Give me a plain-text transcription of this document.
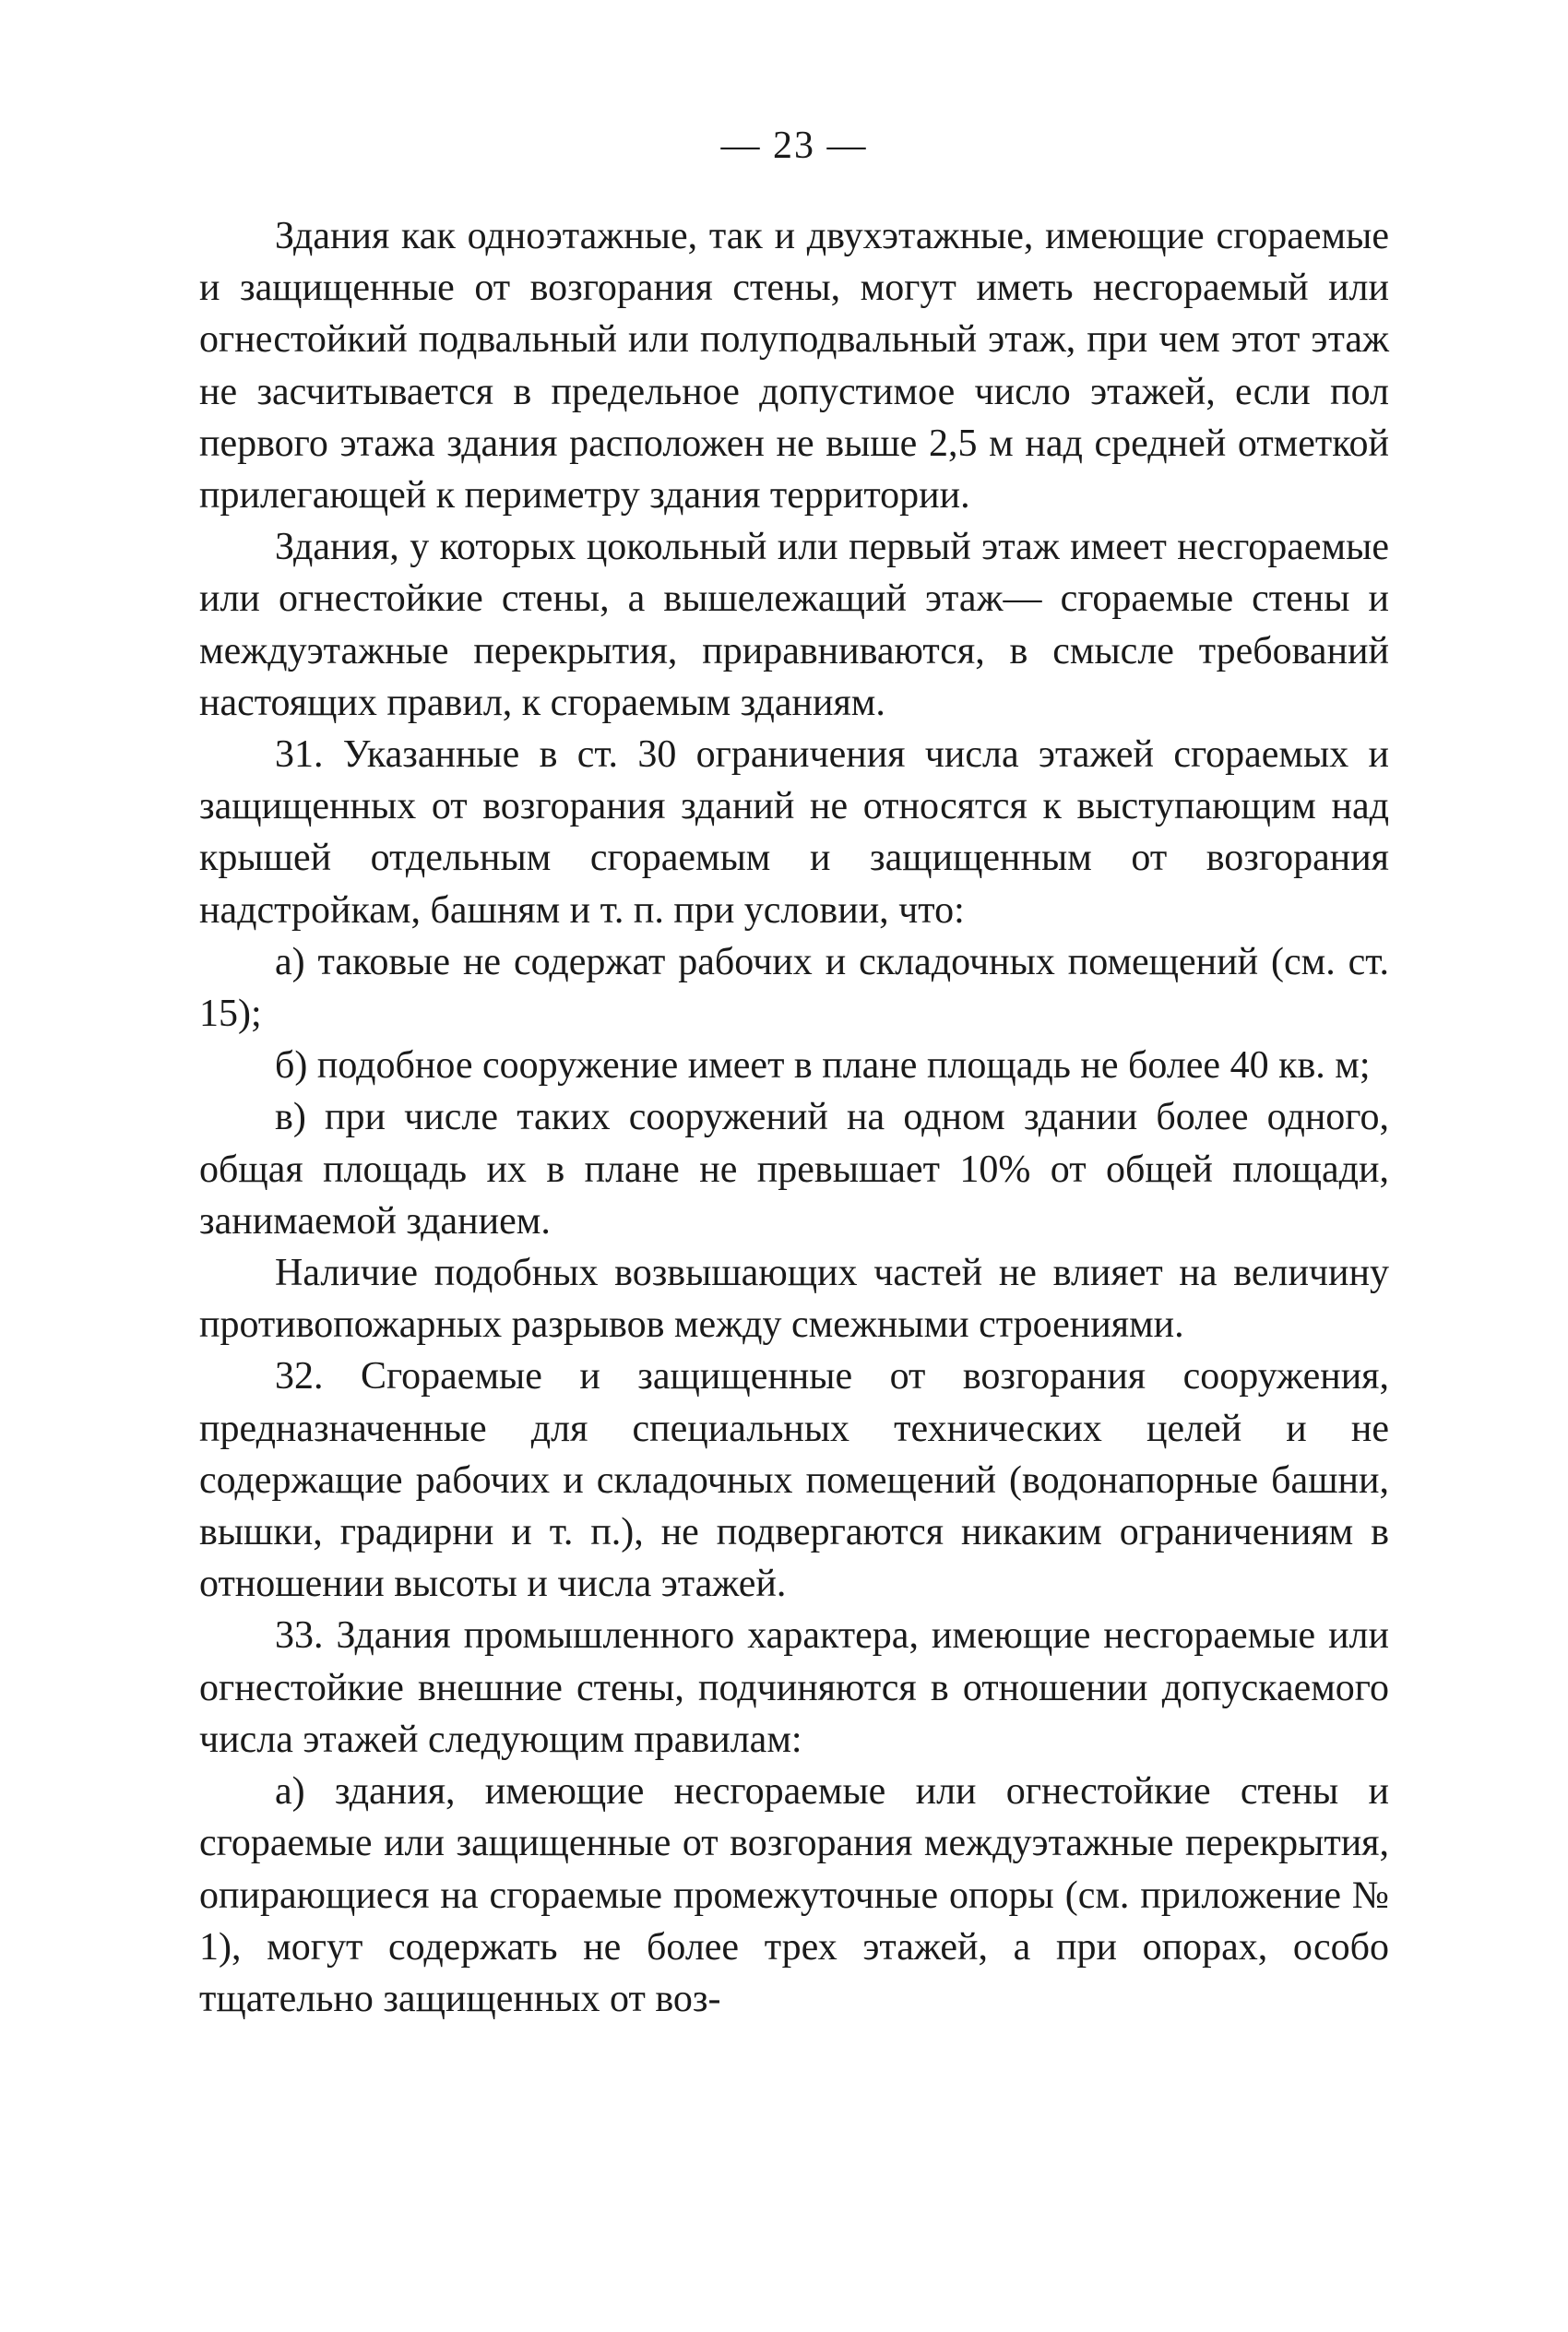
— 23 —

Здания как одноэтажные, так и двухэтажные, имеющие сгораемые и защищенные от возгорания стены, могут иметь несгораемый или огнестойкий подвальный или полуподвальный этаж, при чем этот этаж не засчитывается в предельное допустимое число этажей, если пол первого этажа здания расположен не выше 2,5 м над средней отметкой прилегающей к периметру здания территории.

Здания, у которых цокольный или первый этаж имеет несгораемые или огнестойкие стены, а вышележащий этаж— сгораемые стены и междуэтажные перекрытия, приравниваются, в смысле требований настоящих правил, к сгораемым зданиям.

31. Указанные в ст. 30 ограничения числа этажей сгораемых и защищенных от возгорания зданий не относятся к выступающим над крышей отдельным сгораемым и защищенным от возгорания надстройкам, башням и т. п. при условии, что:

а) таковые не содержат рабочих и складочных помещений (см. ст. 15);

б) подобное сооружение имеет в плане площадь не более 40 кв. м;

в) при числе таких сооружений на одном здании более одного, общая площадь их в плане не превышает 10% от общей площади, занимаемой зданием.

Наличие подобных возвышающих частей не влияет на величину противопожарных разрывов между смежными строениями.

32. Сгораемые и защищенные от возгорания сооружения, предназначенные для специальных технических целей и не содержащие рабочих и складочных помещений (водонапорные башни, вышки, градирни и т. п.), не подвергаются никаким ограничениям в отношении высоты и числа этажей.

33. Здания промышленного характера, имеющие несгораемые или огнестойкие внешние стены, подчиняются в отношении допускаемого числа этажей следующим правилам:

а) здания, имеющие несгораемые или огнестойкие стены и сгораемые или защищенные от возгорания междуэтажные перекрытия, опирающиеся на сгораемые промежуточные опоры (см. приложение № 1), могут содержать не более трех этажей, а при опорах, особо тщательно защищенных от воз-
